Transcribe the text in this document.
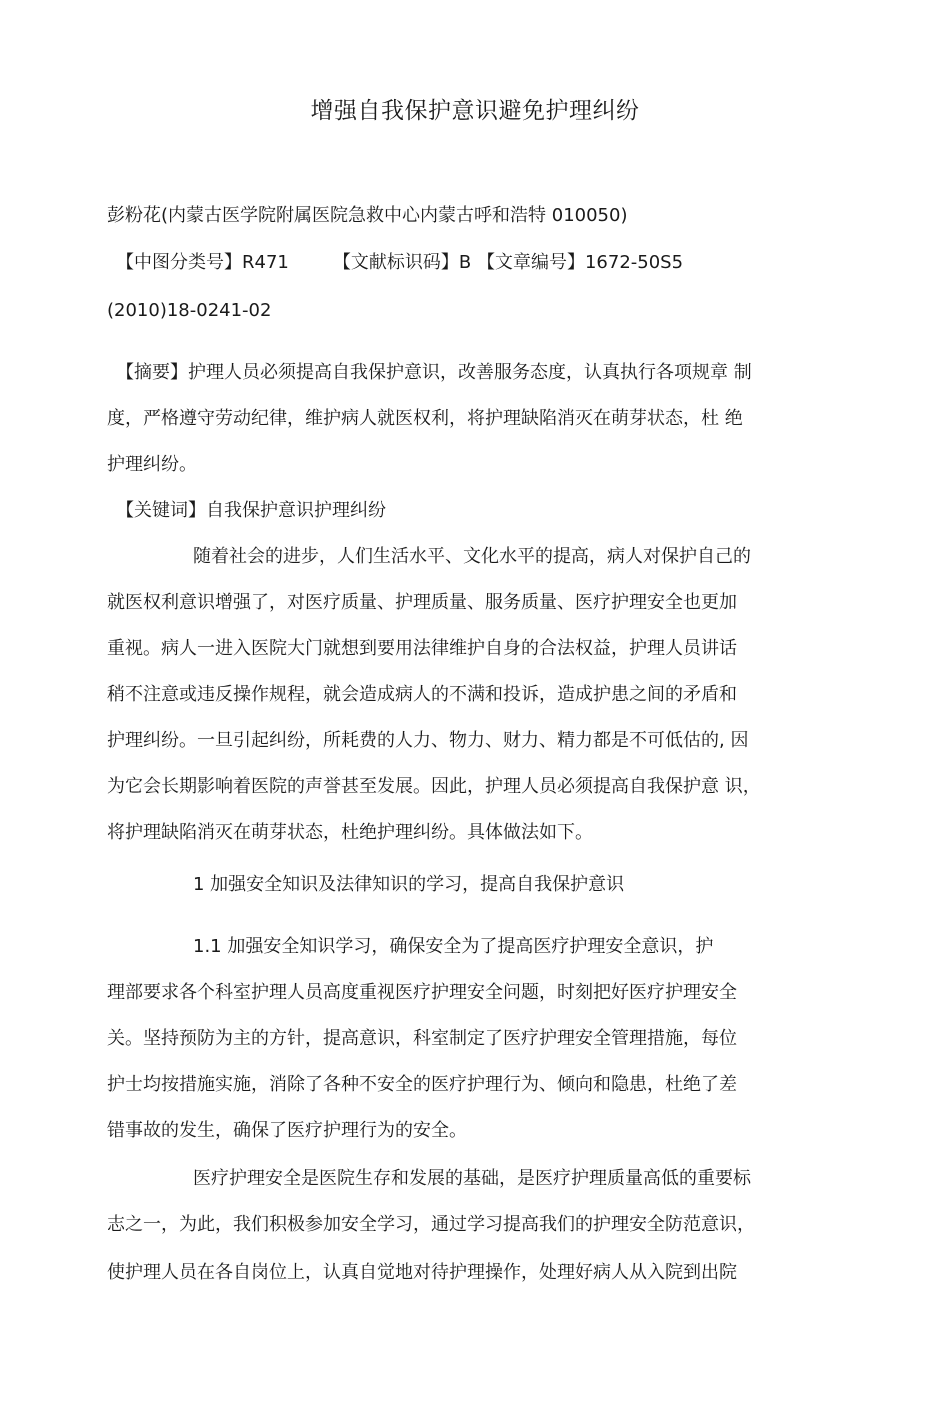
增强自我保护意识避免护理纠纷
彭粉花(内蒙古医学院附属医院急救中心内蒙古呼和浩特 010050)
【中图分类号】R471 【文献标识码】B 【文章编号】1672-50S5
(2010)18-0241-02
【摘要】护理人员必须提高自我保护意识，改善服务态度，认真执行各项规章 制
度，严格遵守劳动纪律，维护病人就医权利，将护理缺陷消灭在萌芽状态，杜 绝
护理纠纷。
【关键词】自我保护意识护理纠纷
随着社会的进步，人们生活水平、文化水平的提高，病人对保护自己的
就医权利意识增强了，对医疗质量、护理质量、服务质量、医疗护理安全也更加
重视。病人一进入医院大门就想到要用法律维护自身的合法权益，护理人员讲话
稍不注意或违反操作规程，就会造成病人的不满和投诉，造成护患之间的矛盾和
护理纠纷。一旦引起纠纷，所耗费的人力、物力、财力、精力都是不可低估的, 因
为它会长期影响着医院的声誉甚至发展。因此，护理人员必须提高自我保护意 识，
将护理缺陷消灭在萌芽状态，杜绝护理纠纷。具体做法如下。
1 加强安全知识及法律知识的学习，提高自我保护意识
1.1 加强安全知识学习，确保安全为了提高医疗护理安全意识，护
理部要求各个科室护理人员高度重视医疗护理安全问题，时刻把好医疗护理安全
关。坚持预防为主的方针，提高意识，科室制定了医疗护理安全管理措施，每位
护士均按措施实施，消除了各种不安全的医疗护理行为、倾向和隐患，杜绝了差
错事故的发生，确保了医疗护理行为的安全。
医疗护理安全是医院生存和发展的基础，是医疗护理质量高低的重要标
志之一，为此，我们积极参加安全学习，通过学习提高我们的护理安全防范意识，
使护理人员在各自岗位上，认真自觉地对待护理操作，处理好病人从入院到出院
